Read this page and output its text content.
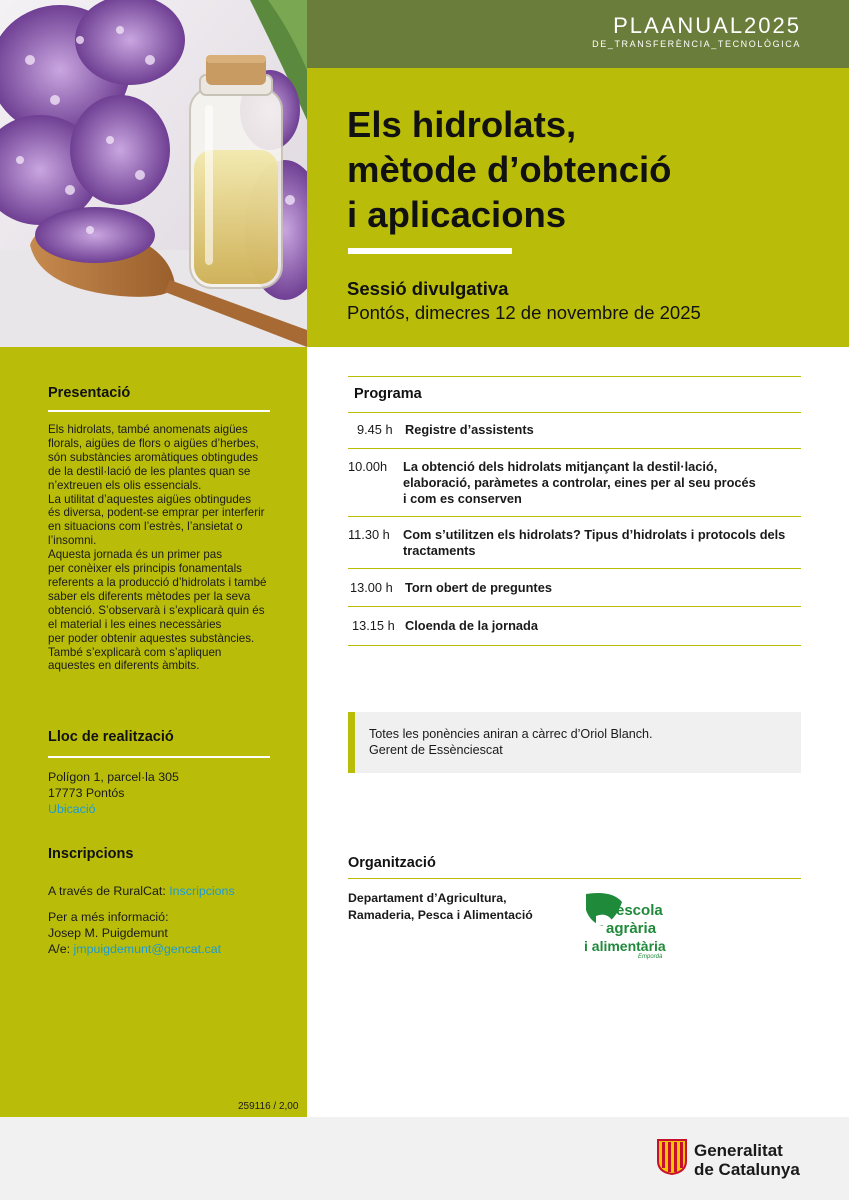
PLAANUAL2025
DE_TRANSFERÈNCIA_TECNOLÒGICA
Els hidrolats,
mètode d’obtenció
i aplicacions
Sessió divulgativa
Pontós, dimecres 12 de novembre de 2025
Presentació
Els hidrolats, també anomenats aigües
florals, aigües de flors o aigües d’herbes,
són substàncies aromàtiques obtingudes
de la destil·lació de les plantes quan se
n’extreuen els olis essencials.
La utilitat d’aquestes aigües obtingudes
és diversa, podent-se emprar per interferir
en situacions com l’estrès, l’ansietat o
l’insomni.
Aquesta jornada és un primer pas
per conèixer els principis fonamentals
referents a la producció d’hidrolats i també
saber els diferents mètodes per la seva
obtenció. S’observarà i s’explicarà quin és
el material i les eines necessàries
per poder obtenir aquestes substàncies.
També s’explicarà com s’apliquen
aquestes en diferents àmbits.
Lloc de realització
Polígon 1, parcel·la 305
17773 Pontós
Ubicació
Inscripcions
A través de RuralCat: Inscripcions
Per a més informació:
Josep M. Puigdemunt
A/e: jmpuigdemunt@gencat.cat
259116 / 2,00
Programa
9.45 h Registre d’assistents
10.00h La obtenció dels hidrolats mitjançant la destil·lació,
elaboració, paràmetes a controlar, eines per al seu procés
i com es conserven
11.30 h Com s’utilitzen els hidrolats? Tipus d’hidrolats i protocols dels
tractaments
13.00 h Torn obert de preguntes
13.15 h Cloenda de la jornada
Totes les ponències aniran a càrrec d’Oriol Blanch.
Gerent de Essènciescat
Organització
Departament d’Agricultura,
Ramaderia, Pesca i Alimentació	escola
agrària
i alimentària
Empordà
Generalitat
de Catalunya
